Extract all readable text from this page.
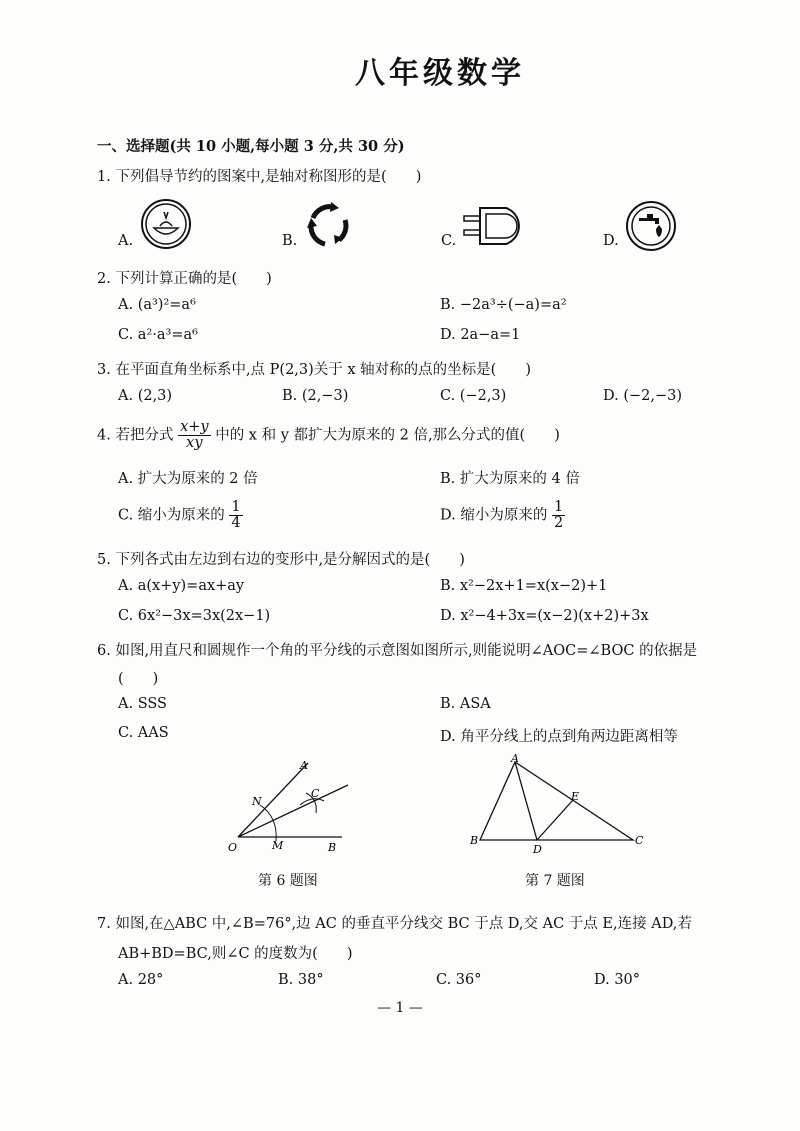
八年级数学
一、选择题(共 10 小题,每小题 3 分,共 30 分)
1. 下列倡导节约的图案中,是轴对称图形的是(　　)
A.	B.	C.	D.
2. 下列计算正确的是(　　)
A. (a³)²=a⁶	B. −2a³÷(−a)=a²
C. a²·a³=a⁶	D. 2a−a=1
3. 在平面直角坐标系中,点 P(2,3)关于 x 轴对称的点的坐标是(　　)
A. (2,3)	B. (2,−3)	C. (−2,3)	D. (−2,−3)
4. 若把分式 $\frac{x+y}{xy}$ 中的 x 和 y 都扩大为原来的 2 倍,那么分式的值(　　)
A. 扩大为原来的 2 倍	B. 扩大为原来的 4 倍
C. 缩小为原来的 $\frac{1}{4}$	D. 缩小为原来的 $\frac{1}{2}$
5. 下列各式由左边到右边的变形中,是分解因式的是(　　)
A. a(x+y)=ax+ay	B. x²−2x+1=x(x−2)+1
C. 6x²−3x=3x(2x−1)	D. x²−4+3x=(x−2)(x+2)+3x
6. 如图,用直尺和圆规作一个角的平分线的示意图如图所示,则能说明∠AOC=∠BOC 的依据是
(　　)
A. SSS	B. ASA
C. AAS	D. 角平分线上的点到角两边距离相等
A
N
C
O	M	B
第 6 题图
A
E
B
D
C
第 7 题图
7. 如图,在△ABC 中,∠B=76°,边 AC 的垂直平分线交 BC 于点 D,交 AC 于点 E,连接 AD,若
AB+BD=BC,则∠C 的度数为(　　)
A. 28°	B. 38°	C. 36°	D. 30°
— 1 —
